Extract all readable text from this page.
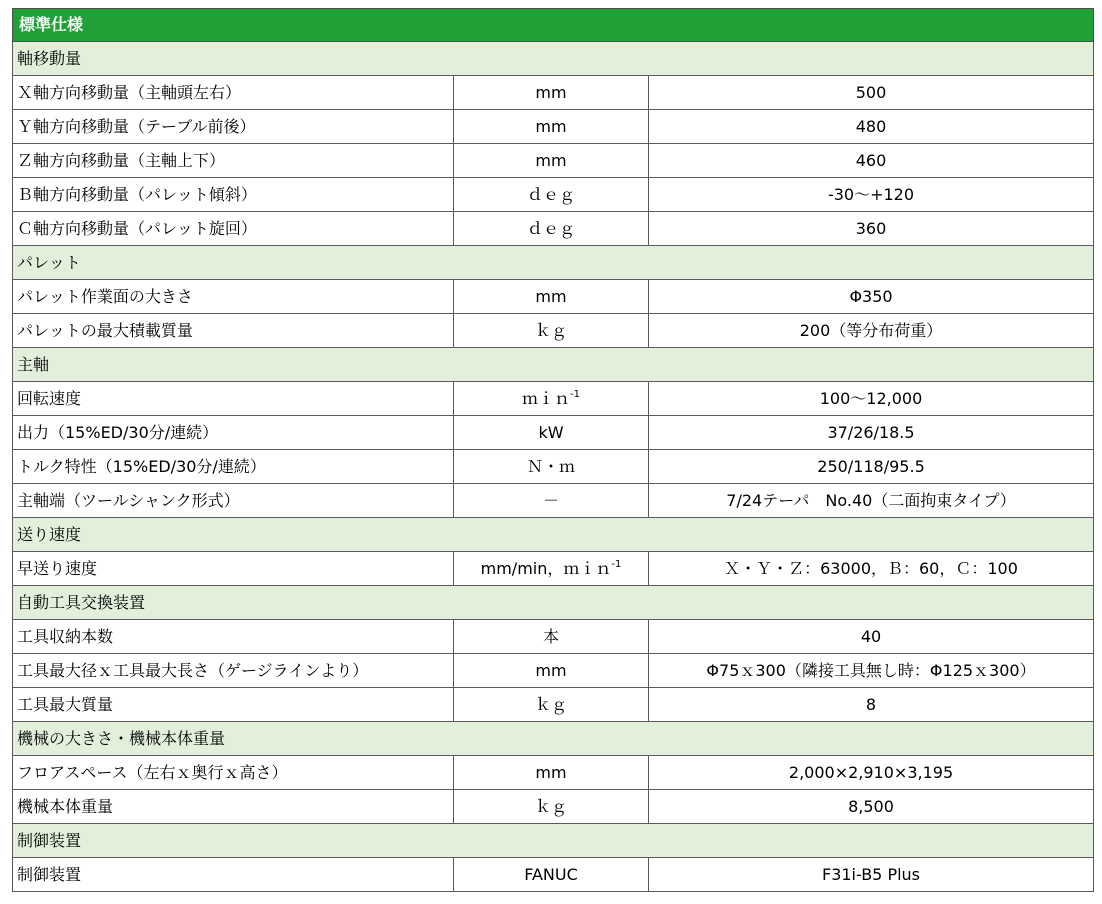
標準仕様		
軸移動量		
Ｘ軸方向移動量（主軸頭左右）	mm	500
Ｙ軸方向移動量（テーブル前後）	mm	480
Ｚ軸方向移動量（主軸上下）	mm	460
Ｂ軸方向移動量（パレット傾斜）	ｄｅｇ	-30～+120
Ｃ軸方向移動量（パレット旋回）	ｄｅｇ	360
パレット		
パレット作業面の大きさ	mm	Φ350
パレットの最大積載質量	ｋｇ	200（等分布荷重）
主軸		
回転速度	ｍｉｎ$^{-1}$	100～12,000
出力（15%ED/30分/連続）	kW	37/26/18.5
トルク特性（15%ED/30分/連続）	Ｎ・ｍ	250/118/95.5
主軸端（ツールシャンク形式）	－	7/24テーパ　No.40（二面拘束タイプ）
送り速度		
早送り速度	mm/min，ｍｉｎ$^{-1}$	Ｘ・Ｙ・Ｚ：63000，Ｂ：60，Ｃ：100
自動工具交換装置		
工具収納本数	本	40
工具最大径ｘ工具最大長さ（ゲージラインより）	mm	Φ75ｘ300（隣接工具無し時：Φ125ｘ300）
工具最大質量	ｋｇ	8
機械の大きさ・機械本体重量		
フロアスペース（左右ｘ奥行ｘ高さ）	mm	2,000×2,910×3,195
機械本体重量	ｋｇ	8,500
制御装置		
制御装置	FANUC	F31i-B5 Plus
